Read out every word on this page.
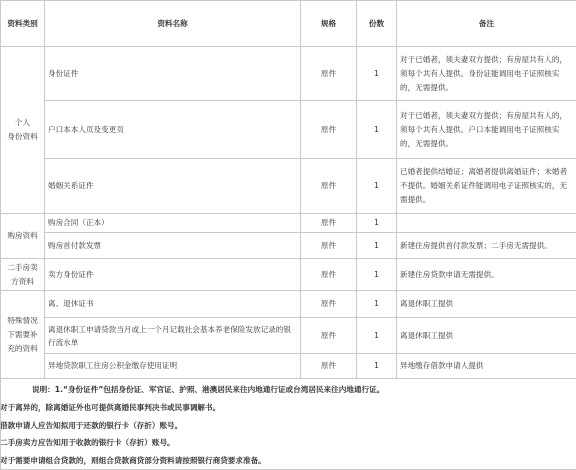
资料类别	资料名称	规格	份数	备注
个人
身份资料	身份证件	原件	1	对于已婚者，须夫妻双方提供；有房屋共有人的，须每个共有人提供。身份证能调用电子证照核实的，无需提供。
	户口本本人页及变更页	原件	1	对于已婚者，须夫妻双方提供；有房屋共有人的，须每个共有人提供。户口本能调用电子证照核实的，无需提供。
	婚姻关系证件	原件	1	已婚者提供结婚证；离婚者提供离婚证件；未婚者不提供。婚姻关系证件能调用电子证照核实的，无需提供。
购房资料	购房合同（正本）	原件	1	
	购房首付款发票	原件	1	新建住房提供首付款发票；二手房无需提供。
二手房卖方资料	卖方身份证件	原件	1	新建住房贷款申请无需提供。
特殊情况下需要补充的资料	离、退休证书	原件	1	离退休职工提供
	离退休职工申请贷款当月或上一个月记载社会基本养老保险发放记录的银行流水单	原件	1	离退休职工提供
	异地贷款职工住房公积金缴存使用证明	原件	1	异地缴存借款申请人提供
说明：1.“身份证件”包括身份证、军官证、护照、港澳居民来往内地通行证或台湾居民来往内地通行证。
对于离异的，除离婚证外也可提供离婚民事判决书或民事调解书。
借款申请人应告知拟用于还款的银行卡（存折）账号。
二手房卖方应告知用于收款的银行卡（存折）账号。
对于需要申请组合贷款的，则组合贷款商贷部分资料请按照银行商贷要求准备。
